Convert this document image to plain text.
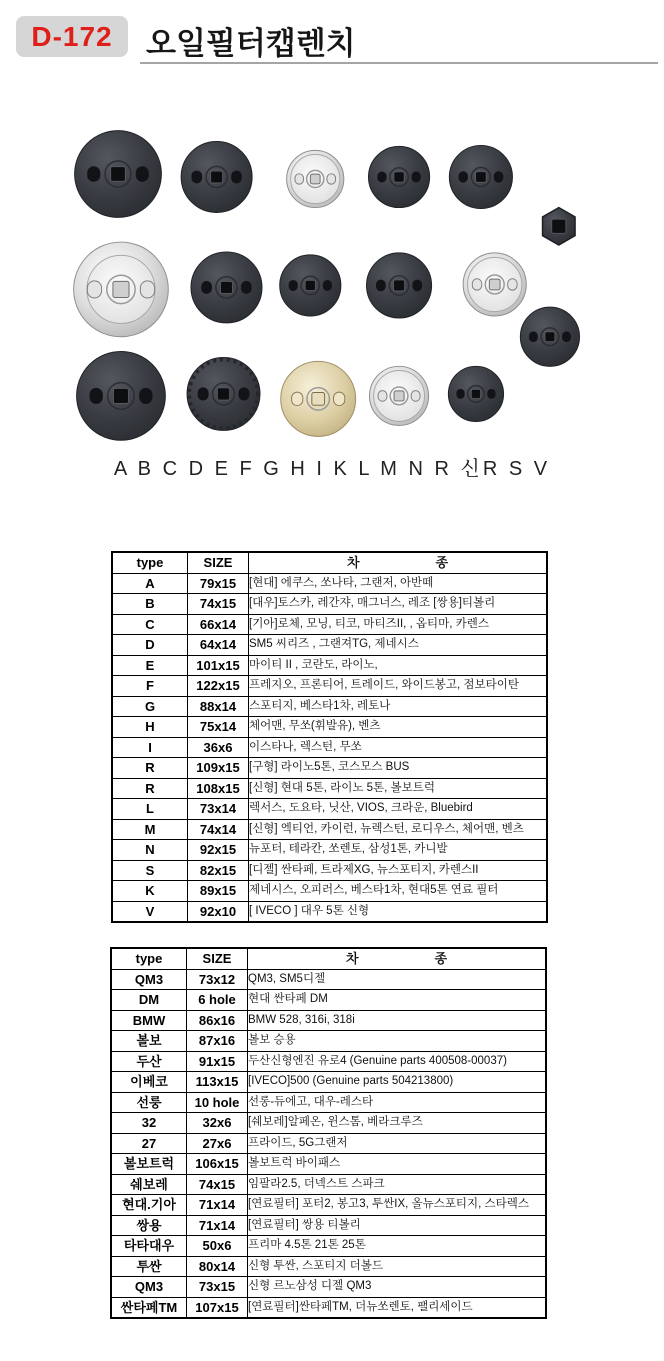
D-172 오일필터캡렌치
A B C D E F G H I K L M N R 신R S V
type	SIZE	차 종

A	79x15	[현대] 에쿠스, 쏘나타, 그랜저, 아반떼
B	74x15	[대우]토스카, 레간쟈, 매그너스, 레조 [쌍용]티볼리
C	66x14	[기아]로체, 모닝, 티코, 마티즈II, , 옵티마, 카렌스
D	64x14	SM5 씨리즈 , 그랜져TG, 제네시스
E	101x15	마이티 II , 코란도, 라이노,
F	122x15	프레지오, 프론티어, 트레이드, 와이드봉고, 점보타이탄
G	88x14	스포티지, 베스타1차, 레토나
H	75x14	체어맨, 무쏘(휘발유), 벤츠
I	36x6	이스타나, 렉스턴, 무쏘
R	109x15	[구형] 라이노5톤, 코스모스 BUS
R	108x15	[신형] 현대 5톤, 라이노 5톤, 볼보트럭
L	73x14	렉서스, 도요타, 닛산, VIOS, 크라운, Bluebird
M	74x14	[신형] 엑티언, 카이런, 뉴렉스턴, 로디우스, 체어맨, 벤츠
N	92x15	뉴포터, 테라칸, 쏘렌토, 삼성1톤, 카니발
S	82x15	[디젤] 싼타페, 트라제XG, 뉴스포티지, 카렌스II
K	89x15	제네시스, 오피러스, 베스타1차, 현대5톤 연료 필터
V	92x10	[ IVECO ] 대우 5톤 신형
type	SIZE	차 종

QM3	73x12	QM3, SM5디젤
DM	6 hole	현대 싼타페 DM
BMW	86x16	BMW 528, 316i, 318i
볼보	87x16	볼보 승용
두산	91x15	두산신형엔진 유로4 (Genuine parts 400508-00037)
이베코	113x15	[IVECO]500 (Genuine parts 504213800)
선룽	10 hole	선롱-듀에고, 대우-레스타
32	32x6	[쉐보레]알페온, 윈스톰, 베라크루즈
27	27x6	프라이드, 5G그랜저
볼보트럭	106x15	볼보트럭 바이패스
쉐보레	74x15	임팔라2.5, 더넥스트 스파크
현대.기아	71x14	[연료필터] 포터2, 봉고3, 투싼IX, 올뉴스포티지, 스타렉스
쌍용	71x14	[연료필터] 쌍용 티볼리
타타대우	50x6	프리마 4.5톤 21톤 25톤
투싼	80x14	신형 투싼, 스포티지 더볼드
QM3	73x15	신형 르노삼성 디젤 QM3
싼타페TM	107x15	[연료필터]싼타페TM, 더뉴쏘렌토, 팰리세이드
